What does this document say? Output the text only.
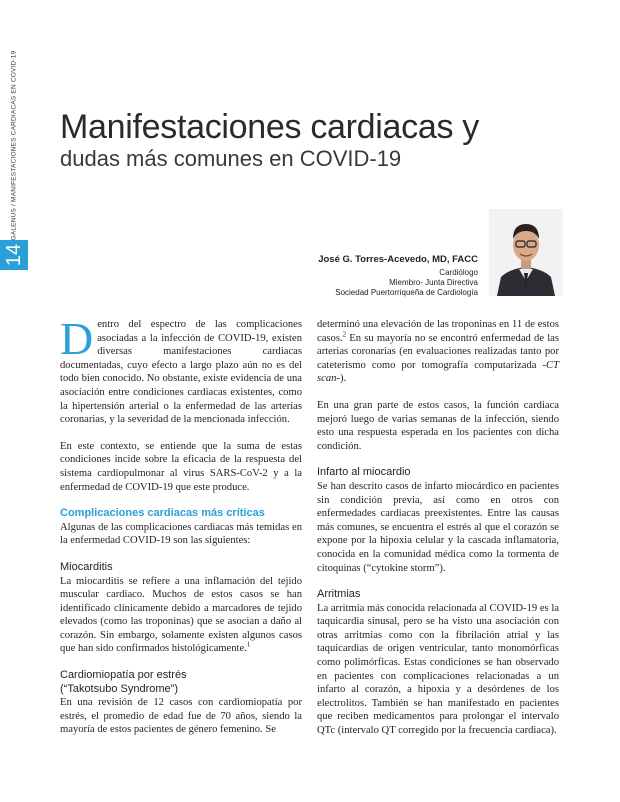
14
GALENUS / MANIFESTACIONES CARDIACAS EN COVID-19 Manifestaciones cardiacas y
dudas más comunes en COVID-19
José G. Torres-Acevedo, MD, FACC
Cardiólogo
Miembro- Junta Directiva
Sociedad Puertorriqueña de Cardiología

Dentro del espectro de las complicaciones asociadas a la infección de COVID-19, existen diversas manifestaciones cardiacas documentadas, cuyo efecto a largo plazo aún no es del todo bien conocido. No obstante, existe evidencia de una asociación entre condiciones cardiacas existentes, como la hipertensión arterial o la enfermedad de las arterias coronarias, y la severidad de la mencionada infección.

En este contexto, se entiende que la suma de estas condiciones incide sobre la eficacia de la respuesta del sistema cardiopulmonar al virus SARS-CoV-2 y a la enfermedad de COVID-19 que este produce.

Complicaciones cardiacas más críticas

Algunas de las complicaciones cardiacas más temidas en la enfermedad COVID-19 son las siguientes:

Miocarditis

La miocarditis se refiere a una inflamación del tejido muscular cardiaco. Muchos de estos casos se han identificado clínicamente debido a marcadores de tejido elevados (como las troponinas) que se asocian a daño al corazón. Sin embargo, solamente existen algunos casos que han sido confirmados histológicamente.$^1$

Cardiomiopatía por estrés
(“Takotsubo Syndrome”)

En una revisión de 12 casos con cardiomiopatía por estrés, el promedio de edad fue de 70 años, siendo la mayoría de estos pacientes de género femenino. Se

determinó una elevación de las troponinas en 11 de estos casos.$^2$ En su mayoría no se encontró enfermedad de las arterias coronarias (en evaluaciones realizadas tanto por cateterismo como por tomografía computarizada -CT scan-).

En una gran parte de estos casos, la función cardiaca mejoró luego de varias semanas de la infección, siendo esto una respuesta esperada en los pacientes con dicha condición.

Infarto al miocardio

Se han descrito casos de infarto miocárdico en pacientes sin condición previa, así como en otros con enfermedades cardiacas preexistentes. Entre las causas más comunes, se encuentra el estrés al que el corazón se expone por la hipoxia celular y la cascada inflamatoria, conocida en la comunidad médica como la tormenta de citoquinas (“cytokine storm”).

Arritmias

La arritmia más conocida relacionada al COVID-19 es la taquicardia sinusal, pero se ha visto una asociación con otras arritmias como con la fibrilación atrial y las taquicardias de origen ventricular, tanto monomórficas como polimórficas. Estas condiciones se han observado en pacientes con complicaciones relacionadas a un infarto al corazón, a hipoxia y a desórdenes de los electrolitos. También se han manifestado en pacientes que reciben medicamentos para prolongar el intervalo QTc (intervalo QT corregido por la frecuencia cardiaca).
